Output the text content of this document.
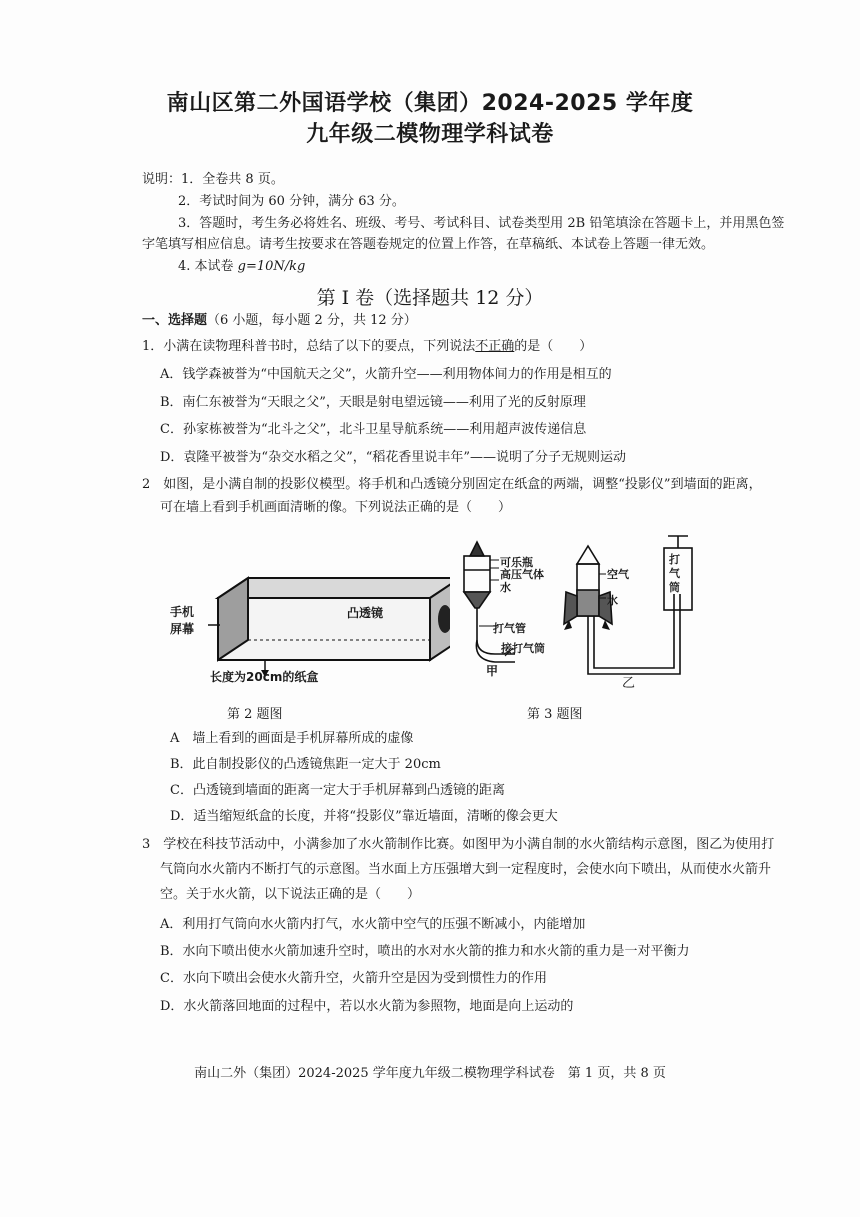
南山区第二外国语学校（集团）2024-2025 学年度
九年级二模物理学科试卷
说明：1．全卷共 8 页。
2．考试时间为 60 分钟，满分 63 分。
3．答题时，考生务必将姓名、班级、考号、考试科目、试卷类型用 2B 铅笔填涂在答题卡上，并用黑色签
字笔填写相应信息。请考生按要求在答题卷规定的位置上作答，在草稿纸、本试卷上答题一律无效。
4. 本试卷 g=10N/kg
第 I 卷（选择题共 12 分）
一、选择题（6 小题，每小题 2 分，共 12 分）
1．小满在读物理科普书时，总结了以下的要点，下列说法不正确的是（　　）
A．钱学森被誉为“中国航天之父”，火箭升空——利用物体间力的作用是相互的
B．南仁东被誉为“天眼之父”，天眼是射电望远镜——利用了光的反射原理
C．孙家栋被誉为“北斗之父”，北斗卫星导航系统——利用超声波传递信息
D．袁隆平被誉为“杂交水稻之父”，“稻花香里说丰年”——说明了分子无规则运动
2　如图，是小满自制的投影仪模型。将手机和凸透镜分别固定在纸盒的两端，调整“投影仪”到墙面的距离，
可在墙上看到手机画面清晰的像。下列说法正确的是（　　）
手机
屏幕
凸透镜
长度为20cm的纸盒
第 2 题图
可乐瓶
高压气体
水
打气管
接打气筒
甲
空气
水
打气筒
乙
第 3 题图
A　墙上看到的画面是手机屏幕所成的虚像
B．此自制投影仪的凸透镜焦距一定大于 20cm
C．凸透镜到墙面的距离一定大于手机屏幕到凸透镜的距离
D．适当缩短纸盒的长度，并将“投影仪”靠近墙面，清晰的像会更大
3　学校在科技节活动中，小满参加了水火箭制作比赛。如图甲为小满自制的水火箭结构示意图，图乙为使用打
气筒向水火箭内不断打气的示意图。当水面上方压强增大到一定程度时，会使水向下喷出，从而使水火箭升
空。关于水火箭，以下说法正确的是（　　）
A．利用打气筒向水火箭内打气，水火箭中空气的压强不断减小，内能增加
B．水向下喷出使水火箭加速升空时，喷出的水对水火箭的推力和水火箭的重力是一对平衡力
C．水向下喷出会使水火箭升空，火箭升空是因为受到惯性力的作用
D．水火箭落回地面的过程中，若以水火箭为参照物，地面是向上运动的
南山二外（集团）2024-2025 学年度九年级二模物理学科试卷　第 1 页，共 8 页
